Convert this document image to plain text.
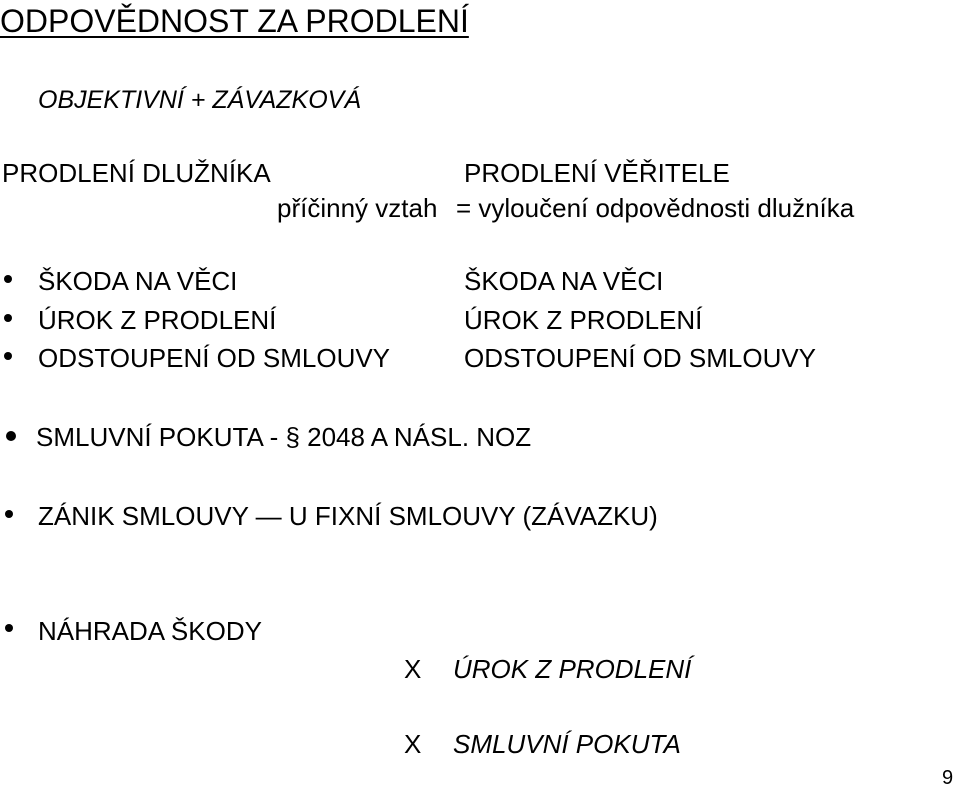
ODPOVĚDNOST ZA PRODLENÍ
OBJEKTIVNÍ + ZÁVAZKOVÁ
PRODLENÍ DLUŽNÍKA	PRODLENÍ VĚŘITELE
příčinný vztah = vyloučení odpovědnosti dlužníka
ŠKODA NA VĚCI
ÚROK Z PRODLENÍ
ODSTOUPENÍ OD SMLOUVY
ŠKODA NA VĚCI
ÚROK Z PRODLENÍ
ODSTOUPENÍ OD SMLOUVY
SMLUVNÍ POKUTA - § 2048 A NÁSL. NOZ
ZÁNIK SMLOUVY — U FIXNÍ SMLOUVY (ZÁVAZKU)
NÁHRADA ŠKODY
X ÚROK Z PRODLENÍ
X SMLUVNÍ POKUTA
9
